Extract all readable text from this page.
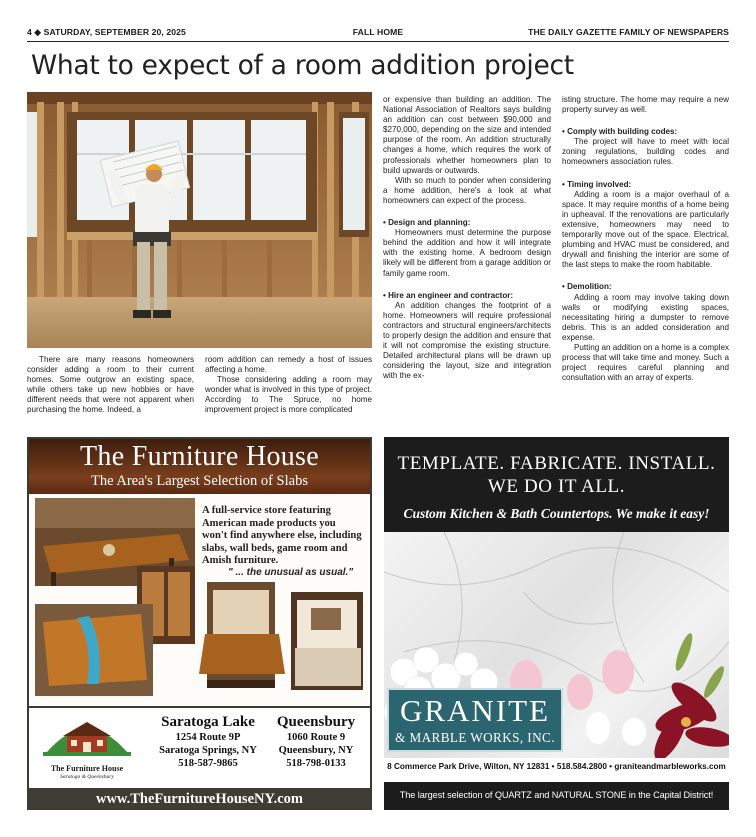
4 ◆ SATURDAY, SEPTEMBER 20, 2025	FALL HOME	THE DAILY GAZETTE FAMILY OF NEWSPAPERS
What to expect of a room addition project

There are many reasons homeowners consider adding a room to their current homes. Some outgrow an existing space, while others take up new hobbies or have different needs that were not apparent when purchasing the home. Indeed, a

room addition can remedy a host of issues affecting a home.

Those considering adding a room may wonder what is involved in this type of project. According to The Spruce, no home improvement project is more complicated

or expensive than building an addition. The National Association of Realtors says building an addition can cost between $90,000 and $270,000, depending on the size and intended purpose of the room. An addition structurally changes a home, which requires the work of professionals whether homeowners plan to build upwards or outwards.

With so much to ponder when considering a home addition, here's a look at what homeowners can expect of the process.

• Design and planning:

Homeowners must determine the purpose behind the addition and how it will integrate with the existing home. A bedroom design likely will be different from a garage addition or family game room.

• Hire an engineer and contractor:

An addition changes the footprint of a home. Homeowners will require professional contractors and structural engineers/architects to properly design the addition and ensure that it will not compromise the existing structure. Detailed architectural plans will be drawn up considering the layout, size and integration with the ex-

isting structure. The home may require a new property survey as well.

• Comply with building codes:

The project will have to meet with local zoning regulations, building codes and homeowners association rules.

• Timing involved:

Adding a room is a major overhaul of a space. It may require months of a home being in upheaval. If the renovations are particularly extensive, homeowners may need to temporarily move out of the space. Electrical, plumbing and HVAC must be considered, and drywall and finishing the interior are some of the last steps to make the room habitable.

• Demolition:

Adding a room may involve taking down walls or modifying existing spaces, necessitating hiring a dumpster to remove debris. This is an added consideration and expense.

Putting an addition on a home is a complex process that will take time and money. Such a project requires careful planning and consultation with an array of experts.

The Furniture House
The Area's Largest Selection of Slabs
A full-service store featuring American made products you won't find anywhere else, including slabs, wall beds, game room and Amish furniture.
" ... the unusual as usual."
The Furniture House
Saratoga & Queensbury
Saratoga Lake
1254 Route 9P
Saratoga Springs, NY
518-587-9865
Queensbury
1060 Route 9
Queensbury, NY
518-798-0133
www.TheFurnitureHouseNY.com
TEMPLATE. FABRICATE. INSTALL.
WE DO IT ALL.
Custom Kitchen & Bath Countertops. We make it easy!
GRANITE
& MARBLE WORKS, INC.
8 Commerce Park Drive, Wilton, NY 12831 • 518.584.2800 • graniteandmarbleworks.com
The largest selection of QUARTZ and NATURAL STONE in the Capital District!
